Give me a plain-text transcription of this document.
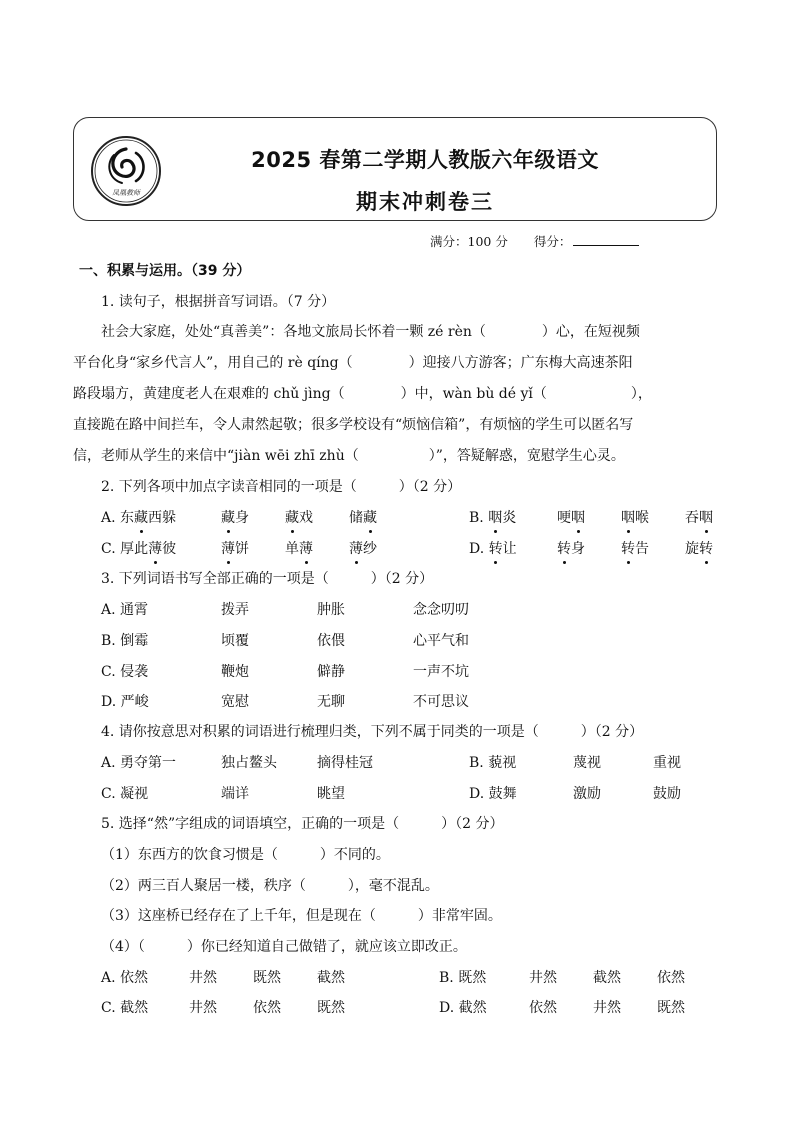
凤凰教师
2025 春第二学期人教版六年级语文
期末冲刺卷三
满分：100 分 得分：
一、积累与运用。（39 分）
1. 读句子，根据拼音写词语。（7 分）
社会大家庭，处处“真善美”：各地文旅局长怀着一颗 zé rèn（　　　　）心，在短视频
平台化身“家乡代言人”，用自己的 rè qíng（　　　　）迎接八方游客；广东梅大高速茶阳
路段塌方，黄建度老人在艰难的 chǔ jìng（　　　　）中，wàn bù dé yǐ（　　　　　　），
直接跪在路中间拦车，令人肃然起敬；很多学校设有“烦恼信箱”，有烦恼的学生可以匿名写
信，老师从学生的来信中“jiàn wēi zhī zhù（　　　　　）”，答疑解惑，宽慰学生心灵。
2. 下列各项中加点字读音相同的一项是（　　　）（2 分）
A. 东藏西躲	藏身	藏戏	储藏	B. 咽炎	哽咽	咽喉	吞咽
C. 厚此薄彼	薄饼	单薄	薄纱	D. 转让	转身	转告	旋转
3. 下列词语书写全部正确的一项是（　　　）（2 分）
A. 通霄	拨弄	肿胀	念念叨叨
B. 倒霉	顷覆	依偎	心平气和
C. 侵袭	鞭炮	僻静	一声不坑
D. 严峻	宽慰	无聊	不可思议
4. 请你按意思对积累的词语进行梳理归类，下列不属于同类的一项是（　　　）（2 分）
A. 勇夺第一	独占鳌头	摘得桂冠	B. 藐视	蔑视	重视
C. 凝视	端详	眺望	D. 鼓舞	激励	鼓励
5. 选择“然”字组成的词语填空，正确的一项是（　　　）（2 分）
（1）东西方的饮食习惯是（　　　）不同的。
（2）两三百人聚居一楼，秩序（　　　），毫不混乱。
（3）这座桥已经存在了上千年，但是现在（　　　）非常牢固。
（4）（　　　）你已经知道自己做错了，就应该立即改正。
A. 依然	井然	既然	截然	B. 既然	井然	截然	依然
C. 截然	井然	依然	既然	D. 截然	依然	井然	既然
